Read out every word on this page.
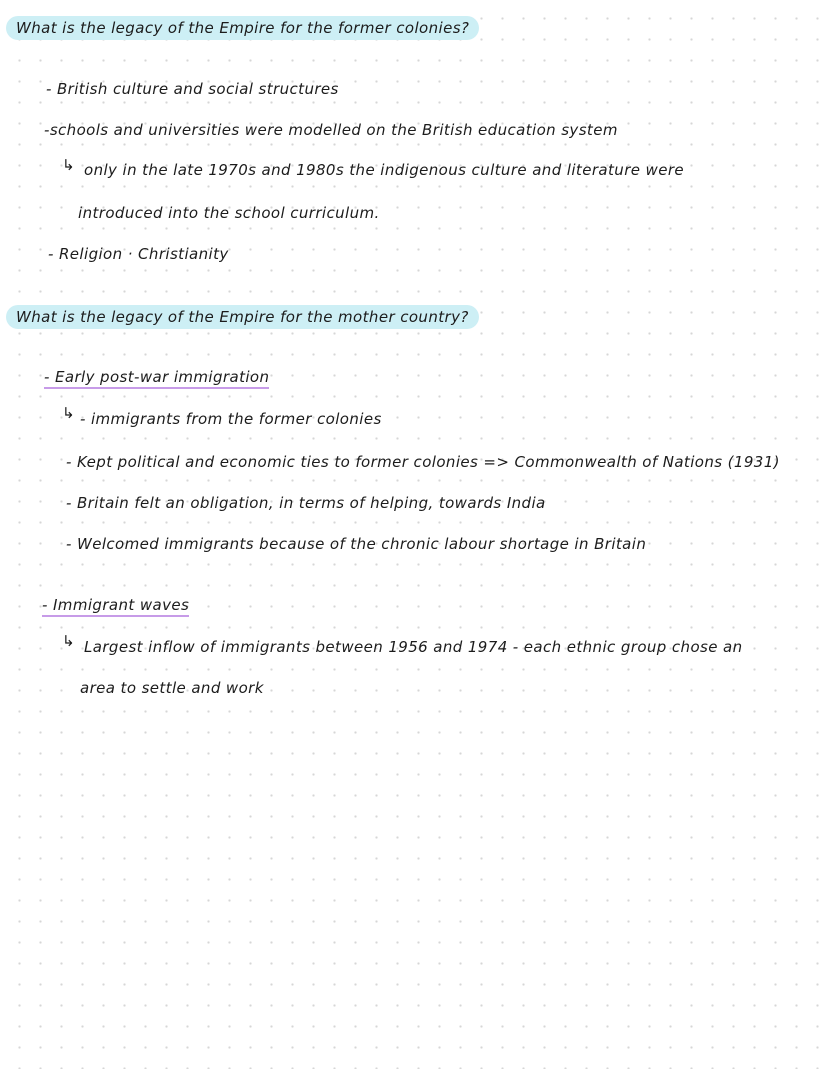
What is the legacy of the Empire for the former colonies?
- British culture and social structures
-schools and universities were modelled on the British education system
↳ only in the late 1970s and 1980s the indigenous culture and literature were
introduced into the school curriculum.
- Religion · Christianity
What is the legacy of the Empire for the mother country?
- Early post-war immigration
↳ - immigrants from the former colonies
- Kept political and economic ties to former colonies => Commonwealth of Nations (1931)
- Britain felt an obligation, in terms of helping, towards India
- Welcomed immigrants because of the chronic labour shortage in Britain
- Immigrant waves
↳ Largest inflow of immigrants between 1956 and 1974 - each ethnic group chose an
area to settle and work
